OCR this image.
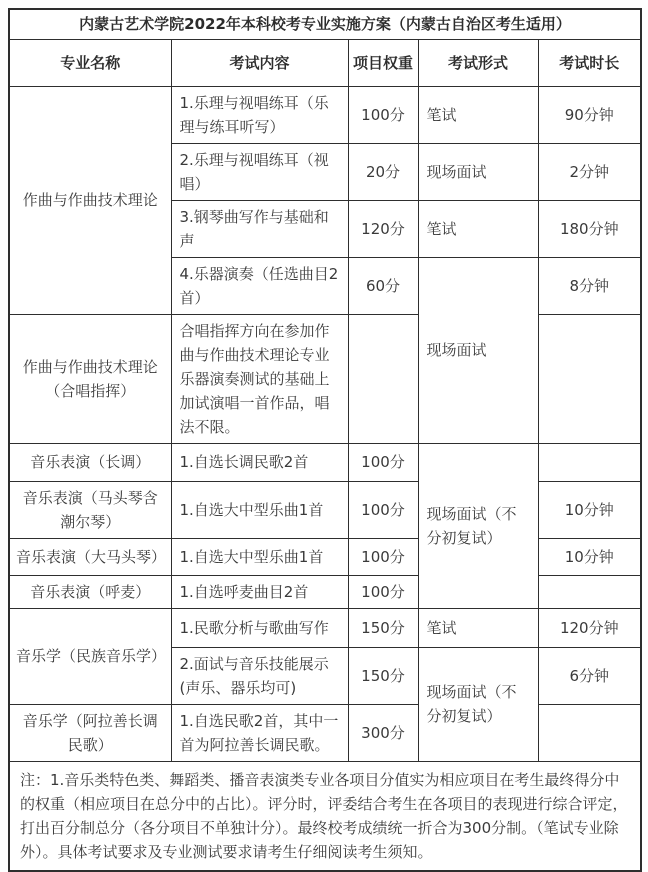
内蒙古艺术学院2022年本科校考专业实施方案（内蒙古自治区考生适用）				
专业名称	考试内容	项目权重	考试形式	考试时长
作曲与作曲技术理论	1.乐理与视唱练耳（乐理与练耳听写）	100分	笔试	90分钟
	2.乐理与视唱练耳（视唱）	20分	现场面试	2分钟
	3.钢琴曲写作与基础和声	120分	笔试	180分钟
	4.乐器演奏（任选曲目2首）	60分	现场面试	8分钟
作曲与作曲技术理论（合唱指挥）	合唱指挥方向在参加作曲与作曲技术理论专业乐器演奏测试的基础上加试演唱一首作品，唱法不限。			
音乐表演（长调）	1.自选长调民歌2首	100分	现场面试（不分初复试）	
音乐表演（马头琴含潮尔琴）	1.自选大中型乐曲1首	100分		10分钟
音乐表演（大马头琴）	1.自选大中型乐曲1首	100分		10分钟
音乐表演（呼麦）	1.自选呼麦曲目2首	100分		
音乐学（民族音乐学）	1.民歌分析与歌曲写作	150分	笔试	120分钟
	2.面试与音乐技能展示(声乐、器乐均可)	150分	现场面试（不分初复试）	6分钟
音乐学（阿拉善长调民歌）	1.自选民歌2首，其中一首为阿拉善长调民歌。	300分		
注：1.音乐类特色类、舞蹈类、播音表演类专业各项目分值实为相应项目在考生最终得分中的权重（相应项目在总分中的占比）。评分时，评委结合考生在各项目的表现进行综合评定，打出百分制总分（各分项目不单独计分）。最终校考成绩统一折合为300分制。（笔试专业除外）。具体考试要求及专业测试要求请考生仔细阅读考生须知。				
